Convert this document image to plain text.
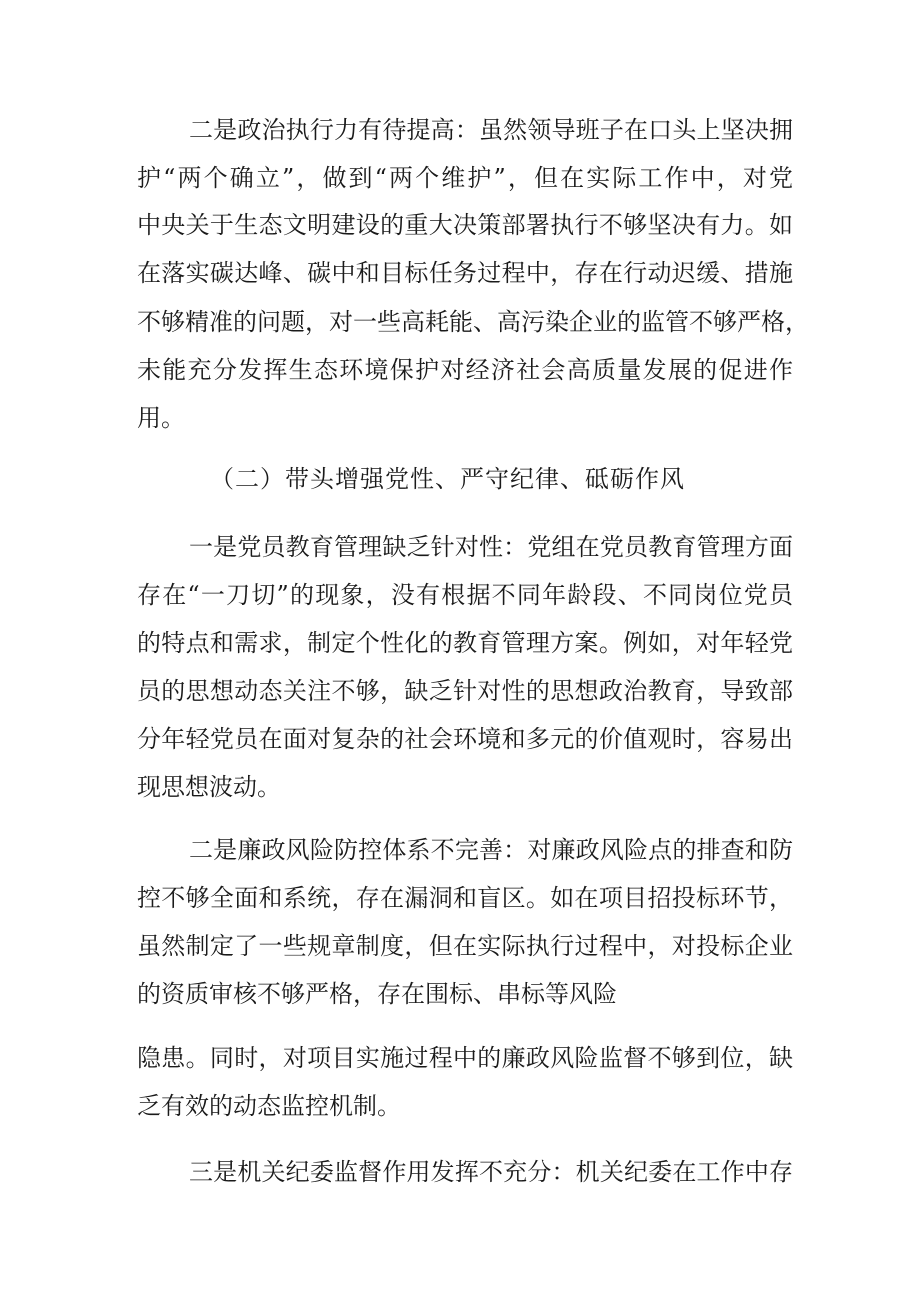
二是政治执行力有待提高：虽然领导班子在口头上坚决拥
护“两个确立”，做到“两个维护”，但在实际工作中，对党
中央关于生态文明建设的重大决策部署执行不够坚决有力。如
在落实碳达峰、碳中和目标任务过程中，存在行动迟缓、措施
不够精准的问题，对一些高耗能、高污染企业的监管不够严格，
未能充分发挥生态环境保护对经济社会高质量发展的促进作
用。
（二）带头增强党性、严守纪律、砥砺作风
一是党员教育管理缺乏针对性：党组在党员教育管理方面
存在“一刀切”的现象，没有根据不同年龄段、不同岗位党员
的特点和需求，制定个性化的教育管理方案。例如，对年轻党
员的思想动态关注不够，缺乏针对性的思想政治教育，导致部
分年轻党员在面对复杂的社会环境和多元的价值观时，容易出
现思想波动。
二是廉政风险防控体系不完善：对廉政风险点的排查和防
控不够全面和系统，存在漏洞和盲区。如在项目招投标环节，
虽然制定了一些规章制度，但在实际执行过程中，对投标企业
的资质审核不够严格，存在围标、串标等风险
隐患。同时，对项目实施过程中的廉政风险监督不够到位，缺
乏有效的动态监控机制。
三是机关纪委监督作用发挥不充分：机关纪委在工作中存
